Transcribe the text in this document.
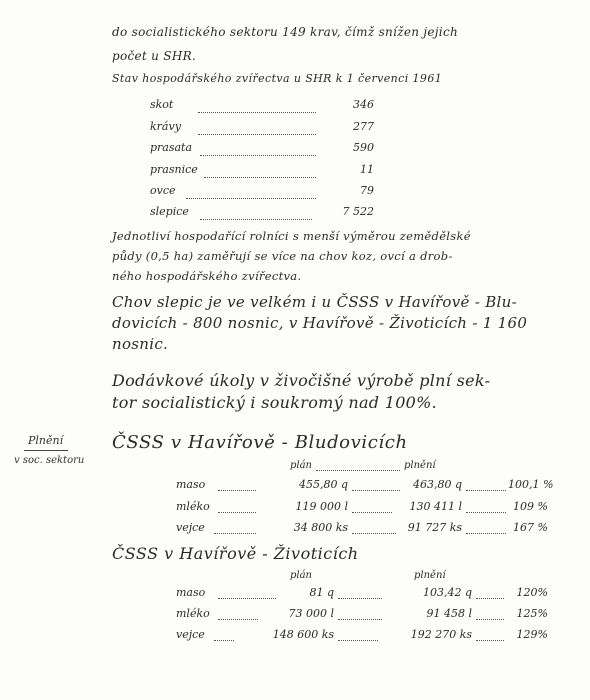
do socialistického sektoru 149 krav, čímž snížen jejich
počet u SHR.
Stav hospodářského zvířectva u SHR k 1 červenci 1961
skot	346
krávy	277
prasata	590
prasnice	11
ovce	79
slepice	7 522
Jednotliví hospodařící rolníci s menší výměrou zemědělské
půdy (0,5 ha) zaměřují se více na chov koz, ovcí a drob-
ného hospodářského zvířectva.
Chov slepic je ve velkém i u ČSSS v Havířově - Blu-
dovicích - 800 nosnic, v Havířově - Životicích - 1 160
nosnic.
Dodávkové úkoly v živočišné výrobě plní sek-
tor socialistický i soukromý nad 100%.
Plnění
v soc. sektoru
ČSSS v Havířově - Bludovicích
plán	plnění
maso	455,80 q	463,80 q	100,1 %
mléko	119 000 l	130 411 l	109 %
vejce	34 800 ks	91 727 ks	167 %
ČSSS v Havířově - Životicích
plán	plnění
maso	81 q	103,42 q	120%
mléko	73 000 l	91 458 l	125%
vejce	148 600 ks	192 270 ks	129%
